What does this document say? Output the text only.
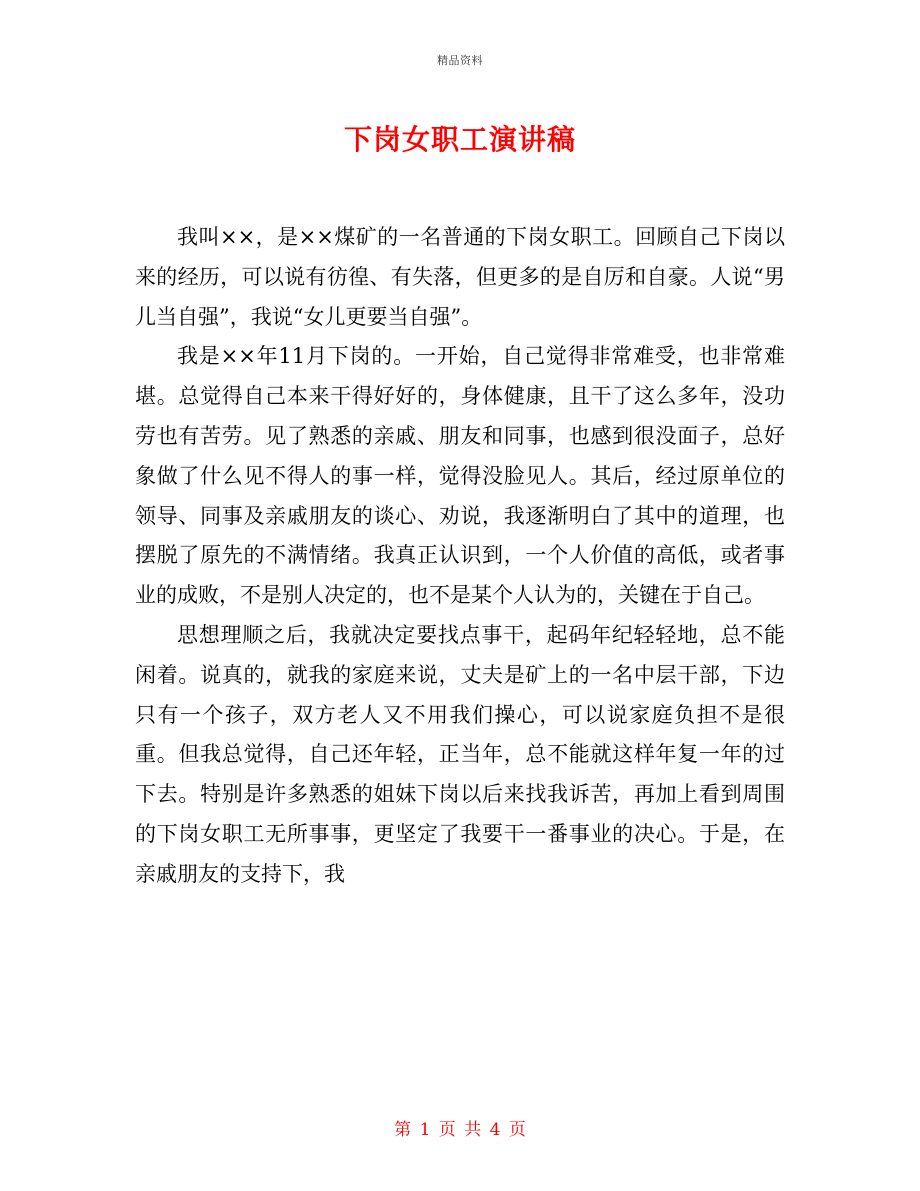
精品资料
下岗女职工演讲稿

我叫××，是××煤矿的一名普通的下岗女职工。回顾自己下岗以来的经历，可以说有彷徨、有失落，但更多的是自厉和自豪。人说“男儿当自强”，我说“女儿更要当自强”。

我是××年11月下岗的。一开始，自己觉得非常难受，也非常难堪。总觉得自己本来干得好好的，身体健康，且干了这么多年，没功劳也有苦劳。见了熟悉的亲戚、朋友和同事，也感到很没面子，总好象做了什么见不得人的事一样，觉得没脸见人。其后，经过原单位的领导、同事及亲戚朋友的谈心、劝说，我逐渐明白了其中的道理，也摆脱了原先的不满情绪。我真正认识到，一个人价值的高低，或者事业的成败，不是别人决定的，也不是某个人认为的，关键在于自己。

思想理顺之后，我就决定要找点事干，起码年纪轻轻地，总不能闲着。说真的，就我的家庭来说，丈夫是矿上的一名中层干部，下边只有一个孩子，双方老人又不用我们操心，可以说家庭负担不是很重。但我总觉得，自己还年轻，正当年，总不能就这样年复一年的过下去。特别是许多熟悉的姐妹下岗以后来找我诉苦，再加上看到周围的下岗女职工无所事事，更坚定了我要干一番事业的决心。于是，在亲戚朋友的支持下，我

第 1 页 共 4 页
